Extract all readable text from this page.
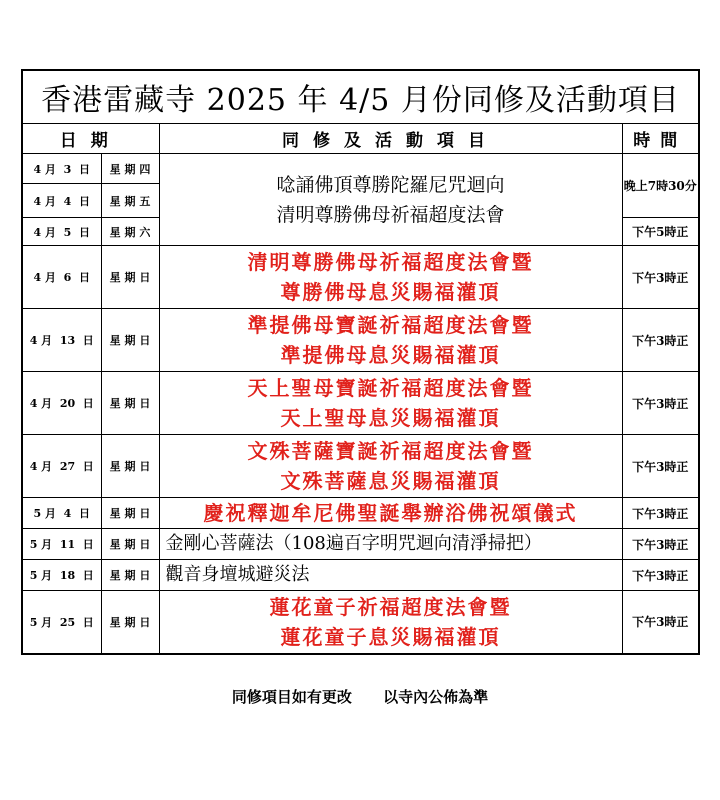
香港雷藏寺 2025 年 4/5 月份同修及活動項目			
日期		同修及活動項目	時間
4 月  3  日	星 期 四	唸誦佛頂尊勝陀羅尼咒迴向
清明尊勝佛母祈福超度法會	晚上7時30分
4 月  4  日	星 期 五		
4 月  5  日	星 期 六		下午5時正
4 月  6  日	星 期 日	清明尊勝佛母祈福超度法會暨
尊勝佛母息災賜福灌頂	下午3時正
4 月  13  日	星 期 日	準提佛母寶誕祈福超度法會暨
準提佛母息災賜福灌頂	下午3時正
4 月  20  日	星 期 日	天上聖母寶誕祈福超度法會暨
天上聖母息災賜福灌頂	下午3時正
4 月  27  日	星 期 日	文殊菩薩寶誕祈福超度法會暨
文殊菩薩息災賜福灌頂	下午3時正
5 月  4  日	星 期 日	慶祝釋迦牟尼佛聖誕舉辦浴佛祝頌儀式	下午3時正
5 月  11  日	星 期 日	金剛心菩薩法（108遍百字明咒迴向清淨掃把）	下午3時正
5 月  18  日	星 期 日	觀音身壇城避災法	下午3時正
5 月  25  日	星 期 日	蓮花童子祈福超度法會暨
蓮花童子息災賜福灌頂	下午3時正
同修項目如有更改      以寺內公佈為準
